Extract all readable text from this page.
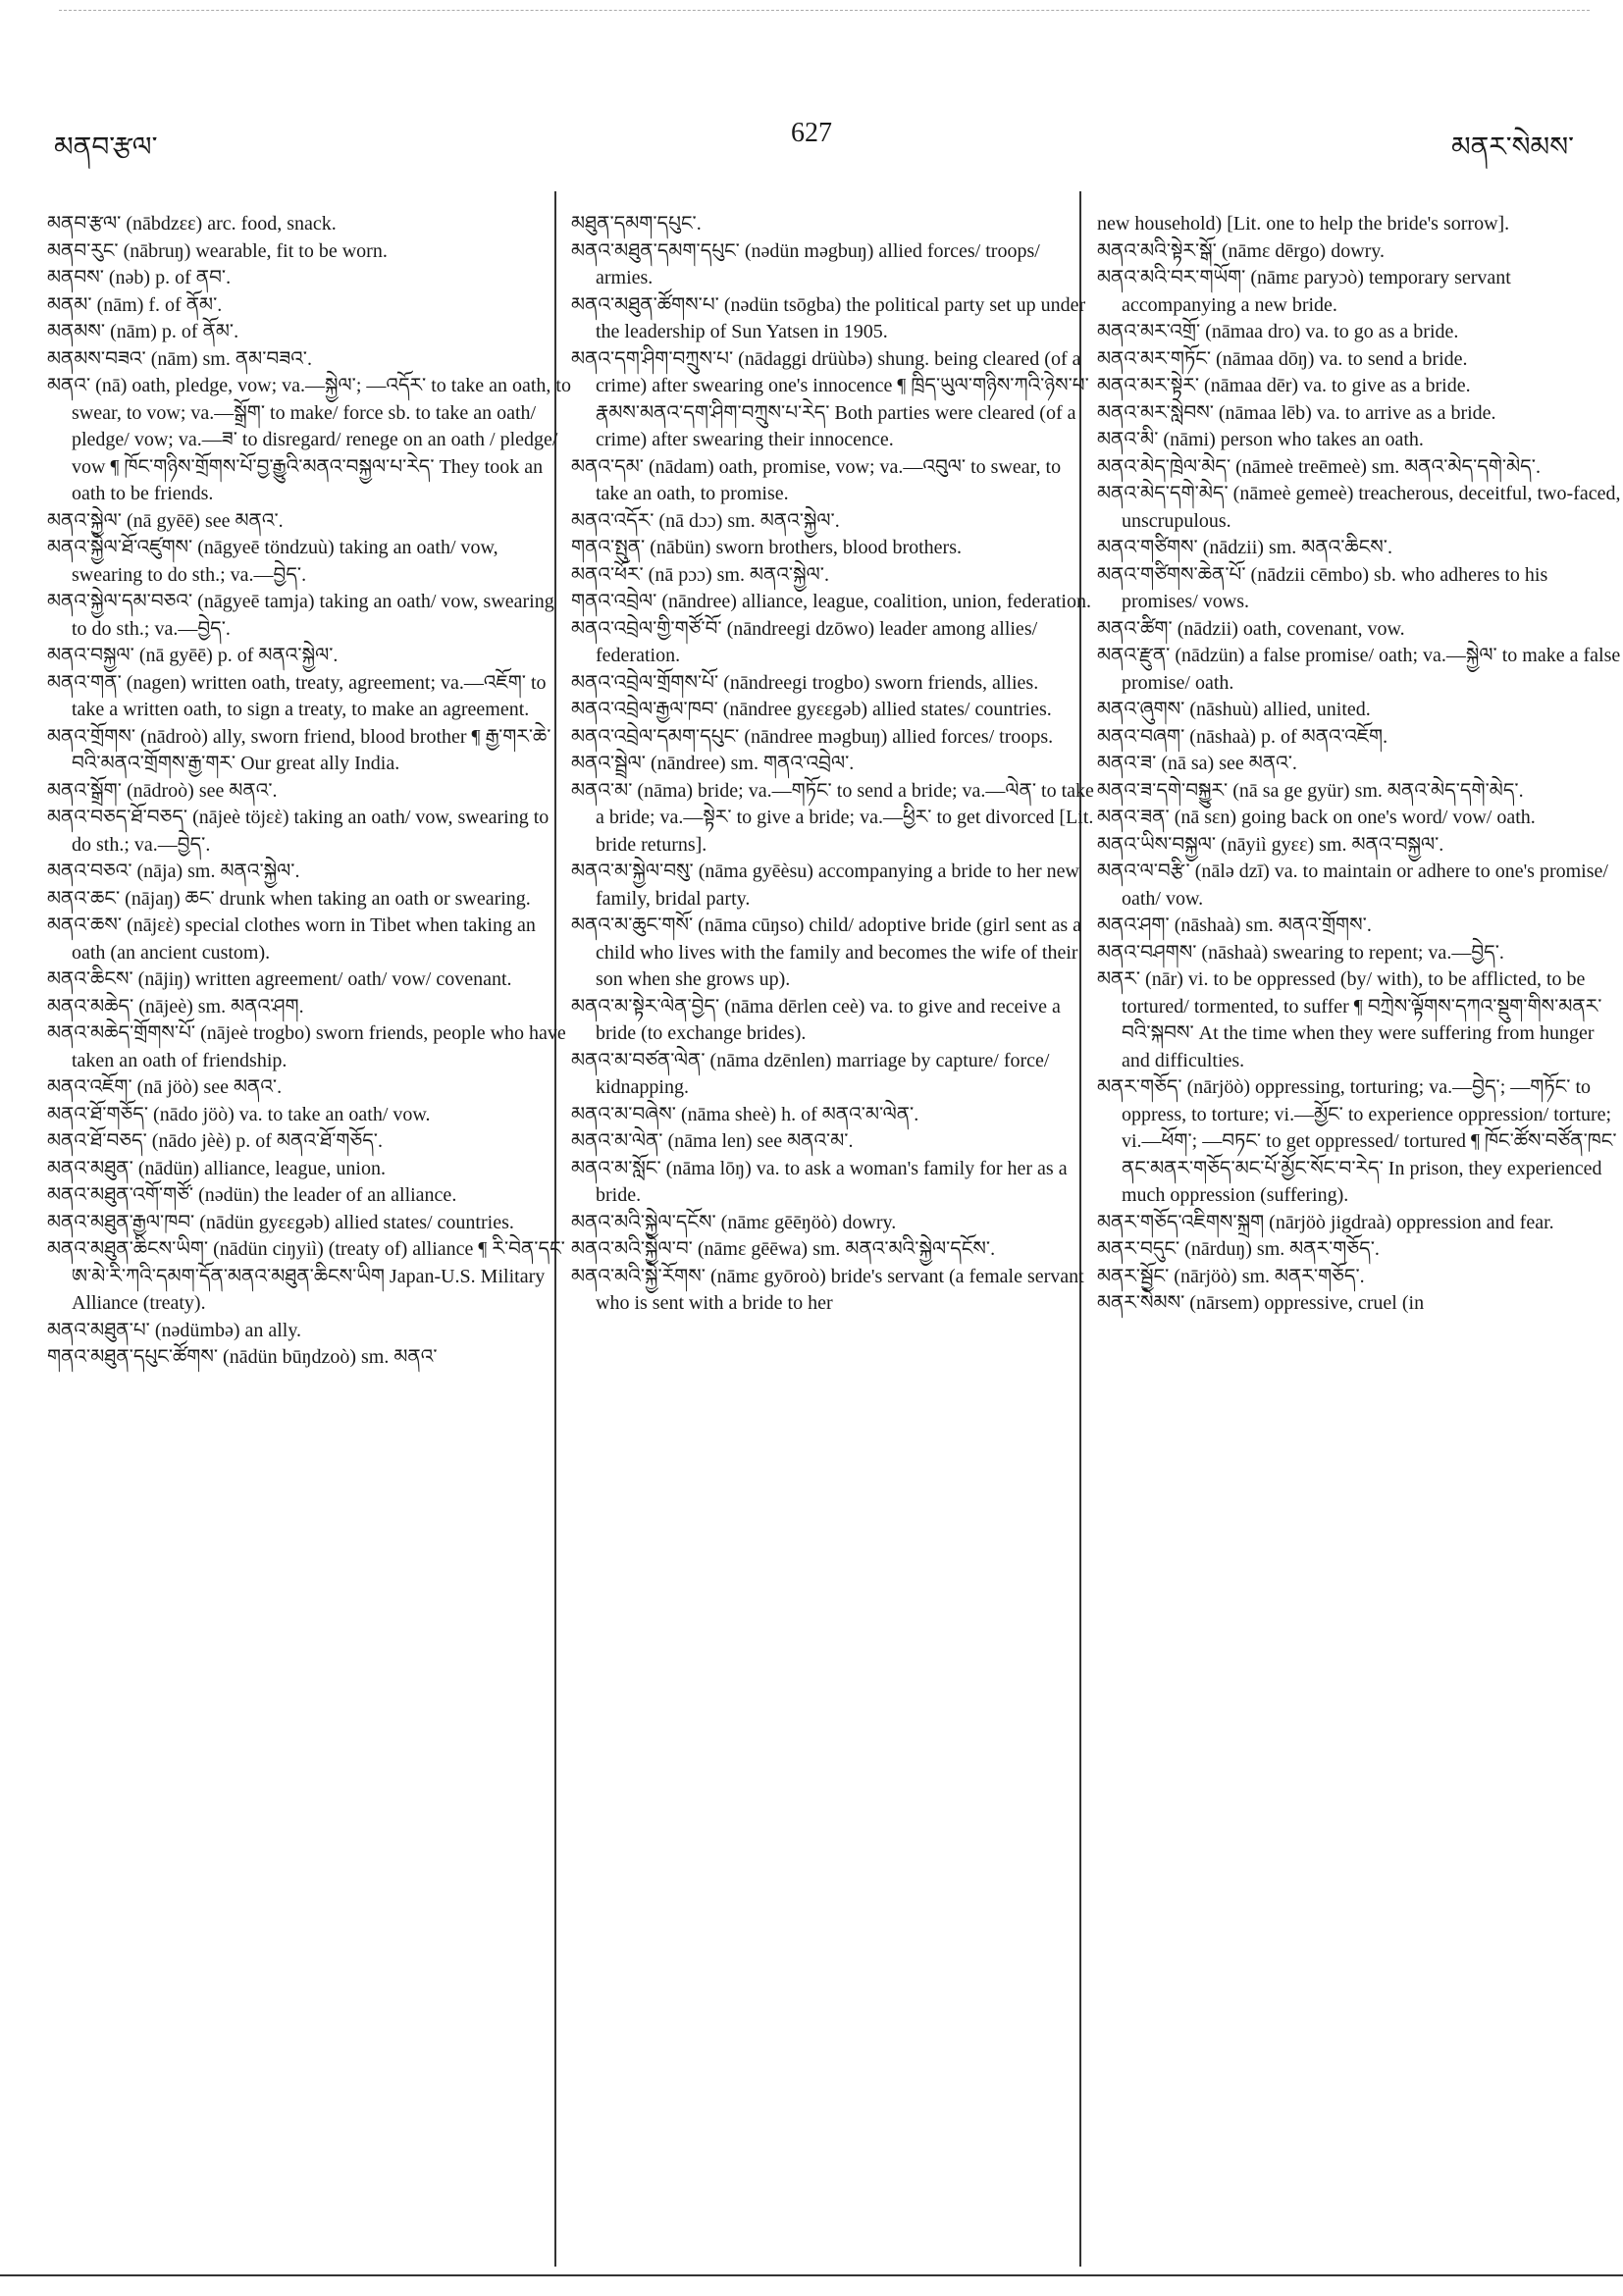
མནབ་རྩལ་	627	མནར་སེམས་

མནབ་རྩལ་ (nābdzεε) arc. food, snack.

མནབ་རུང་ (nābruŋ) wearable, fit to be worn.

མནབས་ (nəb) p. of ནབ་.

མནམ་ (nām) f. of ནོམ་.

མནམས་ (nām) p. of ནོམ་.

མནམས་བཟའ་ (nām) sm. ནམ་བཟའ་.

མནའ་ (nā) oath, pledge, vow; va.—སྐྱེལ་; —འདོར་ to take an oath, to swear, to vow; va.—སྒྲོག་ to make/ force sb. to take an oath/ pledge/ vow; va.—ཟ་ to disregard/ renege on an oath / pledge/ vow ¶ ཁོང་གཉིས་གྲོགས་པོ་བྱ་རྒྱུའི་མནའ་བསྐྱལ་པ་རེད་ They took an oath to be friends.

མནའ་སྐྱེལ་ (nā gyēē) see མནའ་.

མནའ་སྐྱེལ་ཐོ་འཛུགས་ (nāgyeē töndzuù) taking an oath/ vow, swearing to do sth.; va.—བྱེད་.

མནའ་སྐྱེལ་དམ་བཅའ་ (nāgyeē tamja) taking an oath/ vow, swearing to do sth.; va.—བྱེད་.

མནའ་བསྐྱལ་ (nā gyēē) p. of མནའ་སྐྱེལ་.

མནའ་གན་ (nagen) written oath, treaty, agreement; va.—འཇོག་ to take a written oath, to sign a treaty, to make an agreement.

མནའ་གྲོགས་ (nādroò) ally, sworn friend, blood brother ¶ རྒྱ་གར་ཆེ་བའི་མནའ་གྲོགས་རྒྱ་གར་ Our great ally India.

མནའ་སྒྲོག་ (nādroò) see མནའ་.

མནའ་བཅད་ཐོ་བཅད་ (nājeè töjεὲ) taking an oath/ vow, swearing to do sth.; va.—བྱེད་.

མནའ་བཅའ་ (nāja) sm. མནའ་སྐྱེལ་.

མནའ་ཆང་ (nājaŋ) ཆང་ drunk when taking an oath or swearing.

མནའ་ཆས་ (nājεὲ) special clothes worn in Tibet when taking an oath (an ancient custom).

མནའ་ཆིངས་ (nājiŋ) written agreement/ oath/ vow/ covenant.

མནའ་མཆེད་ (nājeè) sm. མནའ་ཤག.

མནའ་མཆེད་གྲོགས་པོ་ (nājeè trogbo) sworn friends, people who have taken an oath of friendship.

མནའ་འཇོག་ (nā jöò) see མནའ་.

མནའ་ཐོ་གཅོད་ (nādo jöò) va. to take an oath/ vow.

མནའ་ཐོ་བཅད་ (nādo jèè) p. of མནའ་ཐོ་གཅོད་.

མནའ་མཐུན་ (nādün) alliance, league, union.

མནའ་མཐུན་འགོ་གཙོ་ (nədün) the leader of an alliance.

མནའ་མཐུན་རྒྱལ་ཁབ་ (nādün gyεεgəb) allied states/ countries.

མནའ་མཐུན་ཆིངས་ཡིག་ (nādün ciŋyiì) (treaty of) alliance ¶ རི་བེན་དང་ཨ་མེ་རི་ཀའི་དམག་དོན་མནའ་མཐུན་ཆིངས་ཡིག Japan-U.S. Military Alliance (treaty).

མནའ་མཐུན་པ་ (nədümbə) an ally.

གནའ་མཐུན་དཔུང་ཚོགས་ (nādün būŋdzoò) sm. མནའ་

མཐུན་དམག་དཔུང་.

མནའ་མཐུན་དམག་དཔུང་ (nədün məgbuŋ) allied forces/ troops/ armies.

མནའ་མཐུན་ཚོགས་པ་ (nədün tsōgba) the political party set up under the leadership of Sun Yatsen in 1905.

མནའ་དག་ཤིག་བཀྲུས་པ་ (nādaggi drüùbə) shung. being cleared (of a crime) after swearing one's innocence ¶ ཁྲིད་ཡུལ་གཉིས་ཀའི་ཉེས་པ་རྣམས་མནའ་དག་ཤིག་བཀྲུས་པ་རེད་ Both parties were cleared (of a crime) after swearing their innocence.

མནའ་དམ་ (nādam) oath, promise, vow; va.—འབུལ་ to swear, to take an oath, to promise.

མནའ་འདོར་ (nā dɔɔ) sm. མནའ་སྐྱེལ་.

གནའ་སྤུན་ (nābün) sworn brothers, blood brothers.

མནའ་ཕོར་ (nā pɔɔ) sm. མནའ་སྐྱེལ་.

གནའ་འབྲེལ་ (nāndree) alliance, league, coalition, union, federation.

མནའ་འབྲེལ་གྱི་གཙོ་བོ་ (nāndreegi dzōwo) leader among allies/ federation.

མནའ་འབྲེལ་གྲོགས་པོ་ (nāndreegi trogbo) sworn friends, allies.

མནའ་འབྲེལ་རྒྱལ་ཁབ་ (nāndree gyεεgəb) allied states/ countries.

མནའ་འབྲེལ་དམག་དཔུང་ (nāndree məgbuŋ) allied forces/ troops.

མནའ་སྦྲེལ་ (nāndree) sm. གནའ་འབྲེལ་.

མནའ་མ་ (nāma) bride; va.—གཏོང་ to send a bride; va.—ལེན་ to take a bride; va.—སྟེར་ to give a bride; va.—ཕྱིར་ to get divorced [Lit. bride returns].

མནའ་མ་སྐྱེལ་བསུ་ (nāma gyēèsu) accompanying a bride to her new family, bridal party.

མནའ་མ་ཆུང་གསོ་ (nāma cūŋso) child/ adoptive bride (girl sent as a child who lives with the family and becomes the wife of their son when she grows up).

མནའ་མ་སྟེར་ལེན་བྱེད་ (nāma dērlen ceè) va. to give and receive a bride (to exchange brides).

མནའ་མ་བཙན་ལེན་ (nāma dzēnlen) marriage by capture/ force/ kidnapping.

མནའ་མ་བཞེས་ (nāma sheè) h. of མནའ་མ་ལེན་.

མནའ་མ་ལེན་ (nāma len) see མནའ་མ་.

མནའ་མ་སློང་ (nāma lōŋ) va. to ask a woman's family for her as a bride.

མནའ་མའི་སྐྱེལ་དངོས་ (nāmε gēēŋöò) dowry.

མནའ་མའི་སྐྱེལ་བ་ (nāmε gēēwa) sm. མནའ་མའི་སྐྱེལ་དངོས་.

མནའ་མའི་སྐྱེ་རོགས་ (nāmε gyōroò) bride's servant (a female servant who is sent with a bride to her

new household) [Lit. one to help the bride's sorrow].

མནའ་མའི་སྟེར་སྒོ་ (nāmε dērgo) dowry.

མནའ་མའི་བར་གཡོག་ (nāmε paryɔò) temporary servant accompanying a new bride.

མནའ་མར་འགྲོ་ (nāmaa dro) va. to go as a bride.

མནའ་མར་གཏོང་ (nāmaa dōŋ) va. to send a bride.

མནའ་མར་སྟེར་ (nāmaa dēr) va. to give as a bride.

མནའ་མར་སླེབས་ (nāmaa lēb) va. to arrive as a bride.

མནའ་མི་ (nāmi) person who takes an oath.

མནའ་མེད་ཁྲེལ་མེད་ (nāmeè treēmeè) sm. མནའ་མེད་དགེ་མེད་.

མནའ་མེད་དགེ་མེད་ (nāmeè gemeè) treacherous, deceitful, two-faced, unscrupulous.

མནའ་གཙིགས་ (nādzii) sm. མནའ་ཆིངས་.

མནའ་གཙིགས་ཆེན་པོ་ (nādzii cēmbo) sb. who adheres to his promises/ vows.

མནའ་ཚིག་ (nādzii) oath, covenant, vow.

མནའ་རྫུན་ (nādzün) a false promise/ oath; va.—སྐྱེལ་ to make a false promise/ oath.

མནའ་ཞུགས་ (nāshuù) allied, united.

མནའ་བཞག་ (nāshaà) p. of མནའ་འཇོག.

མནའ་ཟ་ (nā sa) see མནའ་.

མནའ་ཟ་དགེ་བསྐྱུར་ (nā sa ge gyür) sm. མནའ་མེད་དགེ་མེད་.

མནའ་ཟན་ (nā sεn) going back on one's word/ vow/ oath.

མནའ་ཡིས་བསྐྱལ་ (nāyiì gyεε) sm. མནའ་བསྐྱལ་.

མནའ་ལ་བརྩི་ (nālə dzī) va. to maintain or adhere to one's promise/ oath/ vow.

མནའ་ཤག་ (nāshaà) sm. མནའ་གྲོགས་.

མནའ་བཤགས་ (nāshaà) swearing to repent; va.—བྱེད་.

མནར་ (nār) vi. to be oppressed (by/ with), to be afflicted, to be tortured/ tormented, to suffer ¶ བཀྲེས་ལྟོགས་དཀའ་སྡུག་གིས་མནར་བའི་སྐབས་ At the time when they were suffering from hunger and difficulties.

མནར་གཅོད་ (nārjöò) oppressing, torturing; va.—བྱེད་; —གཏོང་ to oppress, to torture; vi.—མྱོང་ to experience oppression/ torture; vi.—ཕོག་; —བཏང་ to get oppressed/ tortured ¶ ཁོང་ཚོས་བཙོན་ཁང་ནང་མནར་གཅོད་མང་པོ་མྱོང་སོང་བ་རེད་ In prison, they experienced much oppression (suffering).

མནར་གཅོད་འཇིགས་སྐྲག (nārjöò jigdraà) oppression and fear.

མནར་བདུང་ (nārduŋ) sm. མནར་གཅོད་.

མནར་སྦྱོང་ (nārjöò) sm. མནར་གཅོད་.

མནར་སེམས་ (nārsem) oppressive, cruel (in
